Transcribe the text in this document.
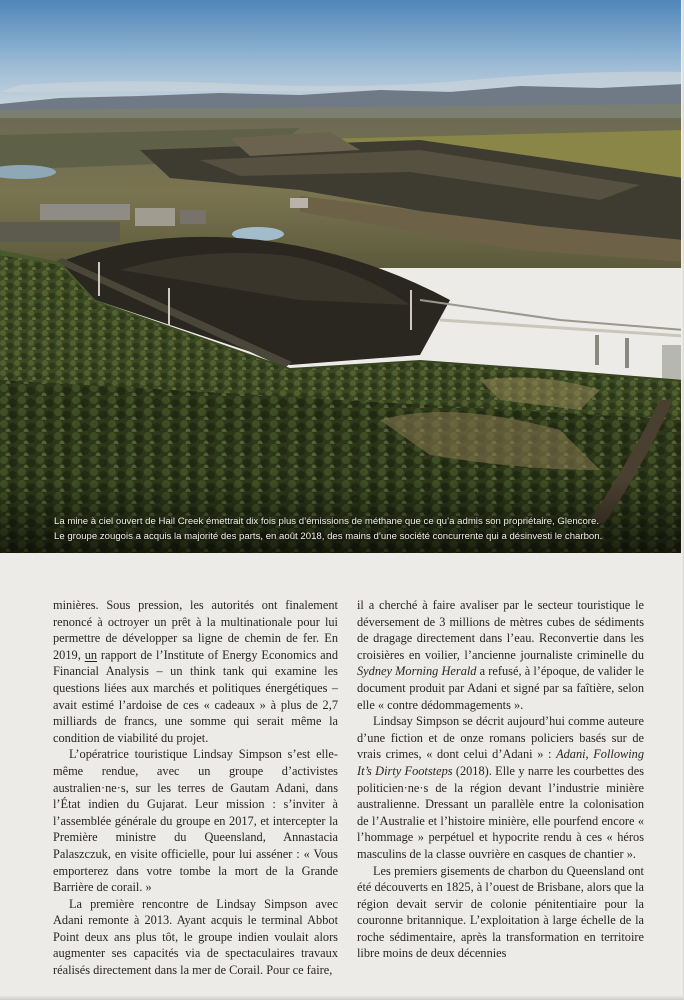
La mine à ciel ouvert de Hail Creek émettrait dix fois plus d’émissions de méthane que ce qu’a admis son propriétaire, Glencore.
Le groupe zougois a acquis la majorité des parts, en août 2018, des mains d’une société concurrente qui a désinvesti le charbon.

minières. Sous pression, les autorités ont finalement renoncé à octroyer un prêt à la multinationale pour lui permettre de développer sa ligne de chemin de fer. En 2019, un rapport de l’Institute of Energy Economics and Financial Analysis – un think tank qui examine les questions liées aux marchés et politiques énergétiques – avait estimé l’ardoise de ces « cadeaux » à plus de 2,7 milliards de francs, une somme qui serait même la condition de viabilité du projet.

L’opératrice touristique Lindsay Simpson s’est elle-même rendue, avec un groupe d’activistes australien·ne·s, sur les terres de Gautam Adani, dans l’État indien du Gujarat. Leur mission : s’inviter à l’assemblée générale du groupe en 2017, et intercepter la Première ministre du Queensland, Annastacia Palaszczuk, en visite officielle, pour lui asséner : « Vous emporterez dans votre tombe la mort de la Grande Barrière de corail. »

La première rencontre de Lindsay Simpson avec Adani remonte à 2013. Ayant acquis le terminal Abbot Point deux ans plus tôt, le groupe indien voulait alors augmenter ses capacités via de spectaculaires travaux réalisés directement dans la mer de Corail. Pour ce faire,

il a cherché à faire avaliser par le secteur touristique le déversement de 3 millions de mètres cubes de sédiments de dragage directement dans l’eau. Reconvertie dans les croisières en voilier, l’ancienne journaliste criminelle du Sydney Morning Herald a refusé, à l’époque, de valider le document produit par Adani et signé par sa faîtière, selon elle « contre dédommagements ».

Lindsay Simpson se décrit aujourd’hui comme auteure d’une fiction et de onze romans policiers basés sur de vrais crimes, « dont celui d’Adani » : Adani, Following It’s Dirty Footsteps (2018). Elle y narre les courbettes des politicien·ne·s de la région devant l’industrie minière australienne. Dressant un parallèle entre la colonisation de l’Australie et l’histoire minière, elle pourfend encore « l’hommage » perpétuel et hypocrite rendu à ces « héros masculins de la classe ouvrière en casques de chantier ».

Les premiers gisements de charbon du Queensland ont été découverts en 1825, à l’ouest de Brisbane, alors que la région devait servir de colonie pénitentiaire pour la couronne britannique. L’exploitation à large échelle de la roche sédimentaire, après la transformation en territoire libre moins de deux décennies
